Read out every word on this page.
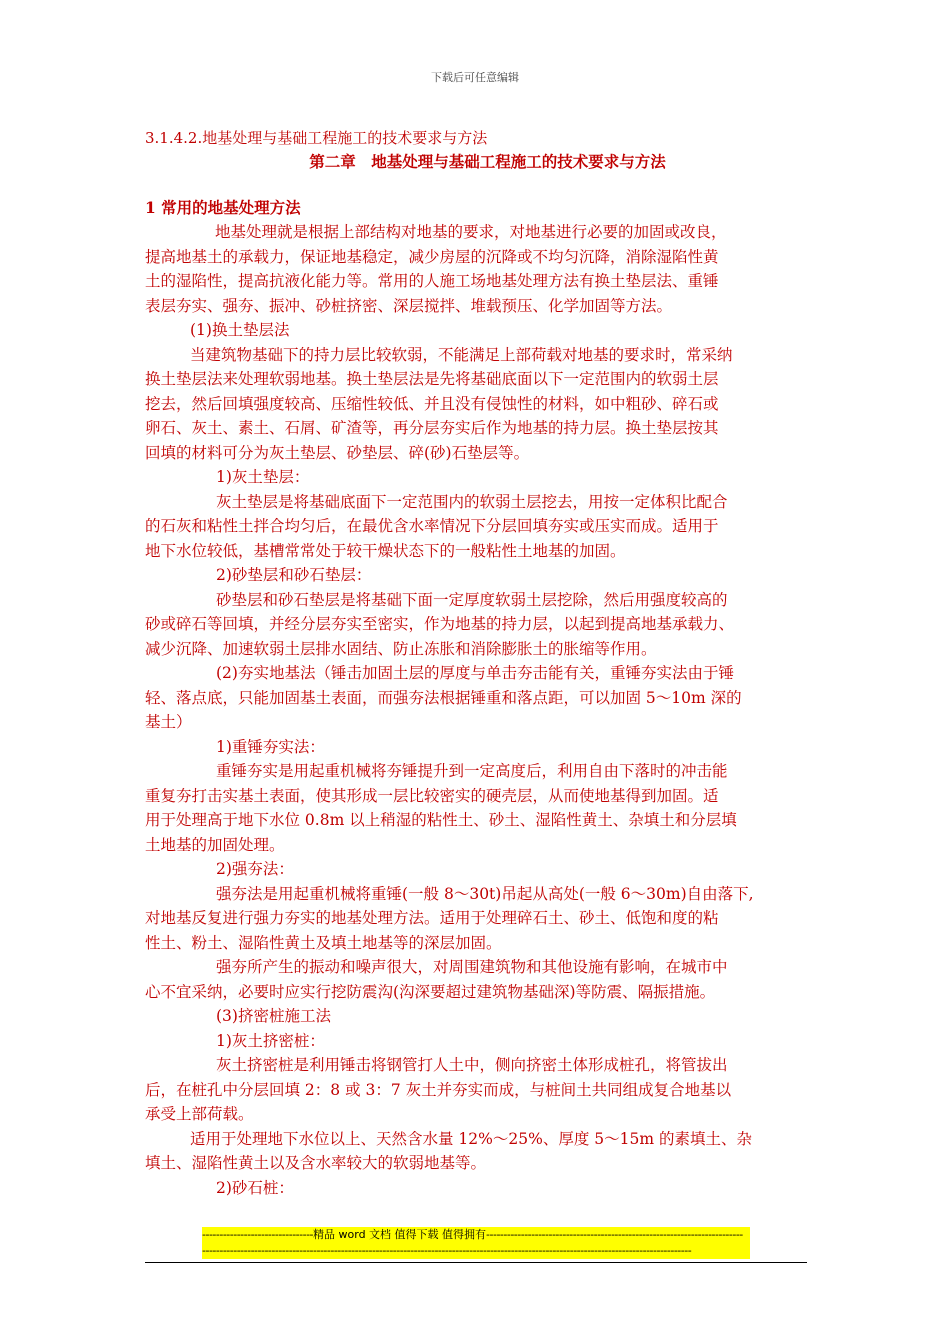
下载后可任意编辑
3.1.4.2.地基处理与基础工程施工的技术要求与方法
第二章　地基处理与基础工程施工的技术要求与方法
1 常用的地基处理方法
地基处理就是根据上部结构对地基的要求，对地基进行必要的加固或改良，
提高地基土的承载力，保证地基稳定，减少房屋的沉降或不均匀沉降，消除湿陷性黄
土的湿陷性，提高抗液化能力等。常用的人施工场地基处理方法有换土垫层法、重锤
表层夯实、强夯、振冲、砂桩挤密、深层搅拌、堆载预压、化学加固等方法。
(1)换土垫层法
当建筑物基础下的持力层比较软弱，不能满足上部荷载对地基的要求时，常采纳
换土垫层法来处理软弱地基。换土垫层法是先将基础底面以下一定范围内的软弱土层
挖去，然后回填强度较高、压缩性较低、并且没有侵蚀性的材料，如中粗砂、碎石或
卵石、灰土、素土、石屑、矿渣等，再分层夯实后作为地基的持力层。换土垫层按其
回填的材料可分为灰土垫层、砂垫层、碎(砂)石垫层等。
1)灰土垫层：
灰土垫层是将基础底面下一定范围内的软弱土层挖去，用按一定体积比配合
的石灰和粘性土拌合均匀后，在最优含水率情况下分层回填夯实或压实而成。适用于
地下水位较低，基槽常常处于较干燥状态下的一般粘性土地基的加固。
2)砂垫层和砂石垫层：
砂垫层和砂石垫层是将基础下面一定厚度软弱土层挖除，然后用强度较高的
砂或碎石等回填，并经分层夯实至密实，作为地基的持力层，以起到提高地基承载力、
减少沉降、加速软弱土层排水固结、防止冻胀和消除膨胀土的胀缩等作用。
(2)夯实地基法（锤击加固土层的厚度与单击夯击能有关，重锤夯实法由于锤
轻、落点底，只能加固基土表面，而强夯法根据锤重和落点距，可以加固 5～10m 深的
基土）
1)重锤夯实法：
重锤夯实是用起重机械将夯锤提升到一定高度后，利用自由下落时的冲击能
重复夯打击实基土表面，使其形成一层比较密实的硬壳层，从而使地基得到加固。适
用于处理高于地下水位 0.8m 以上稍湿的粘性土、砂土、湿陷性黄土、杂填土和分层填
土地基的加固处理。
2)强夯法：
强夯法是用起重机械将重锤(一般 8～30t)吊起从高处(一般 6～30m)自由落下,
对地基反复进行强力夯实的地基处理方法。适用于处理碎石土、砂土、低饱和度的粘
性土、粉土、湿陷性黄土及填土地基等的深层加固。
强夯所产生的振动和噪声很大，对周围建筑物和其他设施有影响，在城市中
心不宜采纳，必要时应实行挖防震沟(沟深要超过建筑物基础深)等防震、隔振措施。
(3)挤密桩施工法
1)灰土挤密桩：
灰土挤密桩是利用锤击将钢管打人土中，侧向挤密土体形成桩孔，将管拔出
后，在桩孔中分层回填 2：8 或 3：7 灰土并夯实而成，与桩间土共同组成复合地基以
承受上部荷载。
适用于处理地下水位以上、天然含水量 12%～25%、厚度 5～15m 的素填土、杂
填土、湿陷性黄土以及含水率较大的软弱地基等。
2)砂石桩：
--------------------------------精品 word 文档 值得下载 值得拥有--------------------------------------------------------------------------
---------------------------------------------------------------------------------------------------------------------------------------------
